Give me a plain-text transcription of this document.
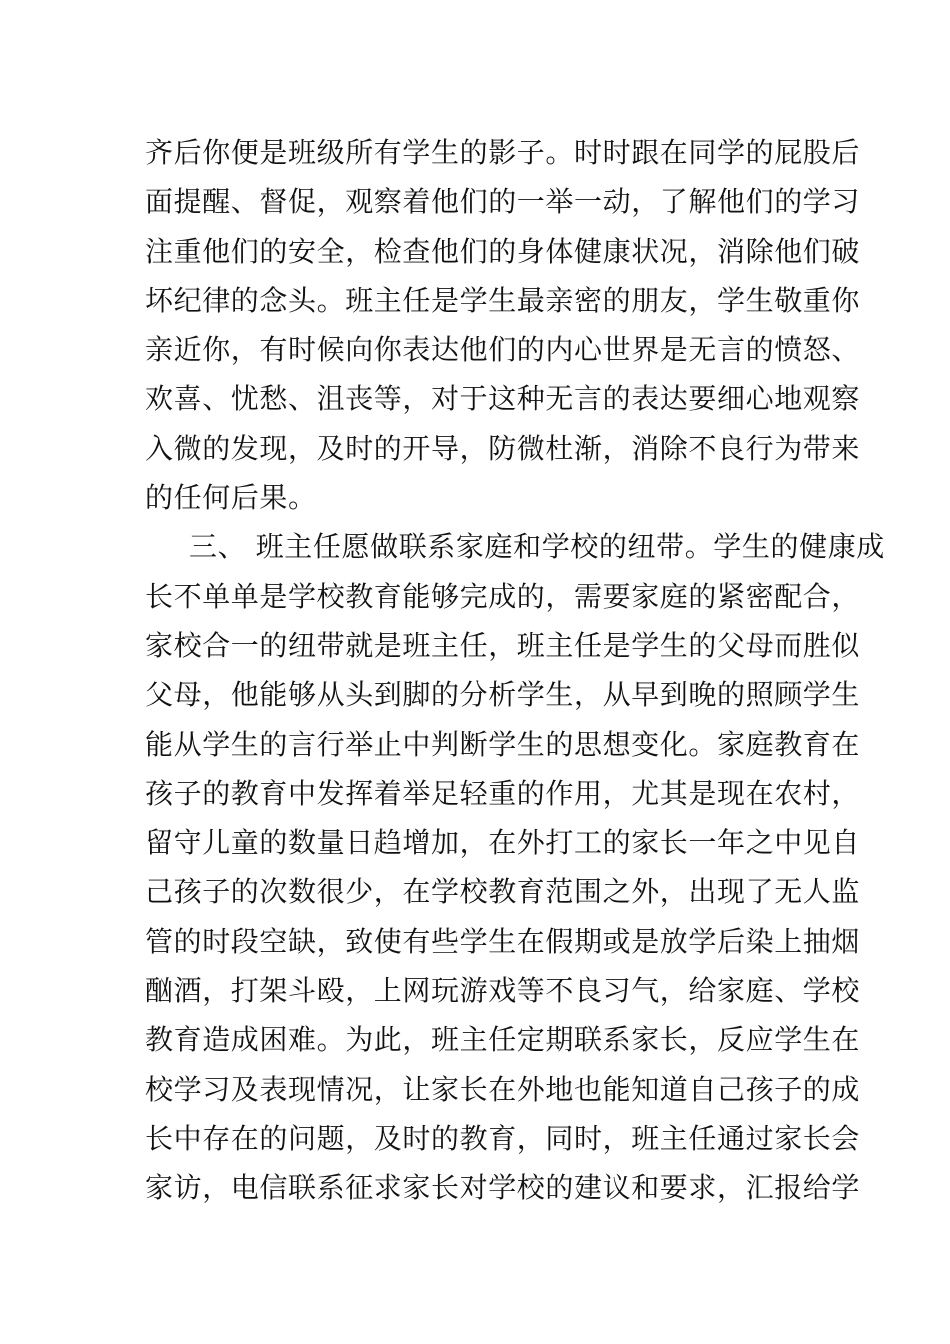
齐后你便是班级所有学生的影子。时时跟在同学的屁股后
面提醒、督促，观察着他们的一举一动，了解他们的学习
注重他们的安全，检查他们的身体健康状况，消除他们破
坏纪律的念头。班主任是学生最亲密的朋友，学生敬重你
亲近你，有时候向你表达他们的内心世界是无言的愤怒、
欢喜、忧愁、沮丧等，对于这种无言的表达要细心地观察
入微的发现，及时的开导，防微杜渐，消除不良行为带来
的任何后果。
三、 班主任愿做联系家庭和学校的纽带。学生的健康成
长不单单是学校教育能够完成的，需要家庭的紧密配合，
家校合一的纽带就是班主任，班主任是学生的父母而胜似
父母，他能够从头到脚的分析学生，从早到晚的照顾学生
能从学生的言行举止中判断学生的思想变化。家庭教育在
孩子的教育中发挥着举足轻重的作用，尤其是现在农村，
留守儿童的数量日趋增加，在外打工的家长一年之中见自
己孩子的次数很少，在学校教育范围之外，出现了无人监
管的时段空缺，致使有些学生在假期或是放学后染上抽烟
酗酒，打架斗殴，上网玩游戏等不良习气，给家庭、学校
教育造成困难。为此，班主任定期联系家长，反应学生在
校学习及表现情况，让家长在外地也能知道自己孩子的成
长中存在的问题，及时的教育，同时，班主任通过家长会
家访，电信联系征求家长对学校的建议和要求，汇报给学
